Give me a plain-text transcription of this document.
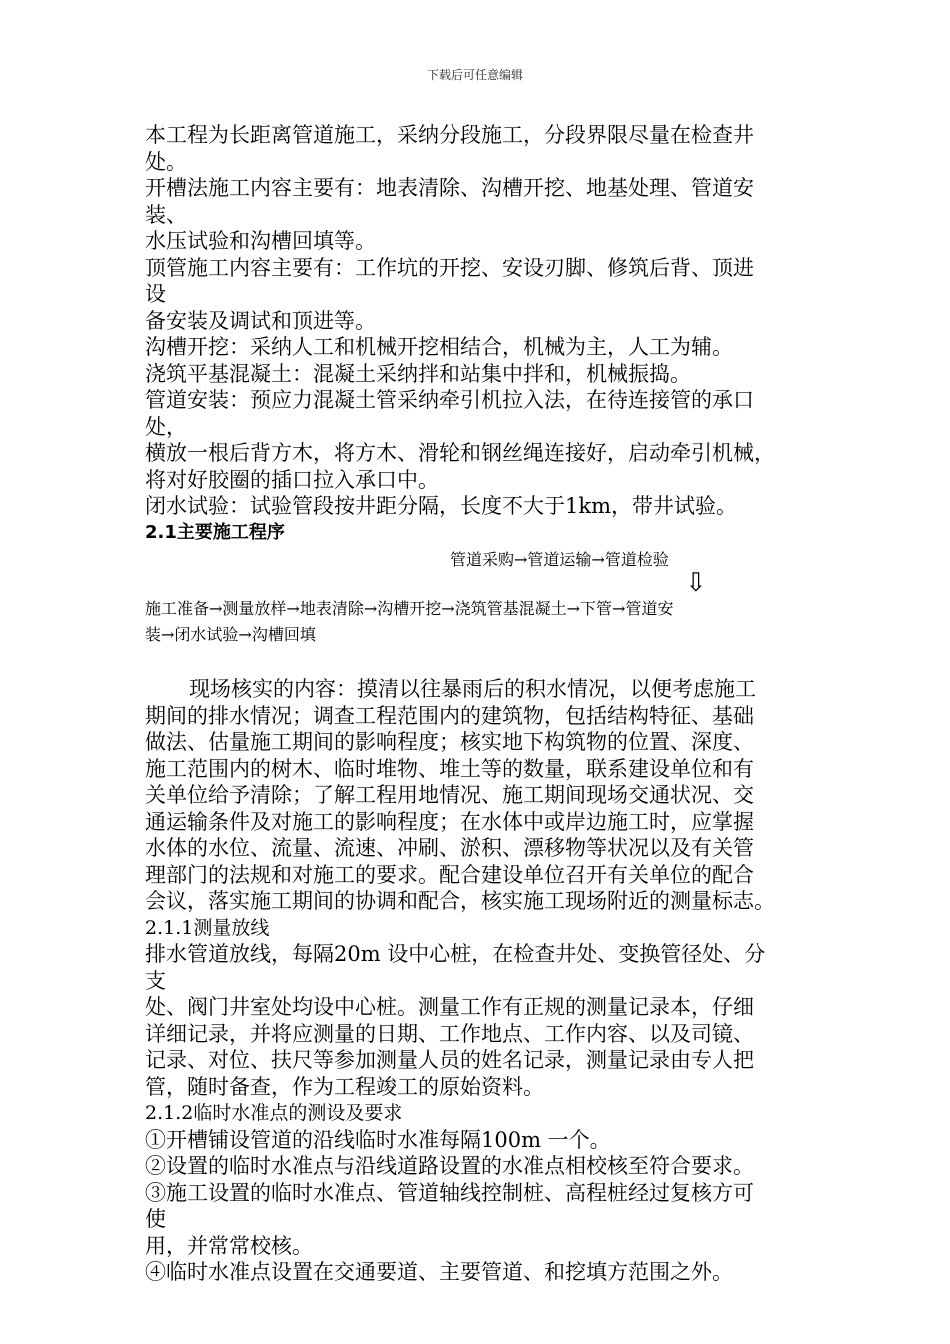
下载后可任意编辑
本工程为长距离管道施工，采纳分段施工，分段界限尽量在检查井
处。
开槽法施工内容主要有：地表清除、沟槽开挖、地基处理、管道安
装、
水压试验和沟槽回填等。
顶管施工内容主要有：工作坑的开挖、安设刃脚、修筑后背、顶进
设
备安装及调试和顶进等。
沟槽开挖：采纳人工和机械开挖相结合，机械为主，人工为辅。
浇筑平基混凝土：混凝土采纳拌和站集中拌和，机械振捣。
管道安装：预应力混凝土管采纳牵引机拉入法，在待连接管的承口
处，
横放一根后背方木，将方木、滑轮和钢丝绳连接好，启动牵引机械，
将对好胶圈的插口拉入承口中。
闭水试验：试验管段按井距分隔，长度不大于1km，带井试验。
2.1主要施工程序
管道采购→管道运输→管道检验
⇩
施工准备→测量放样→地表清除→沟槽开挖→浇筑管基混凝土→下管→管道安
装→闭水试验→沟槽回填
现场核实的内容：摸清以往暴雨后的积水情况，以便考虑施工
期间的排水情况；调查工程范围内的建筑物，包括结构特征、基础
做法、估量施工期间的影响程度；核实地下构筑物的位置、深度、
施工范围内的树木、临时堆物、堆土等的数量，联系建设单位和有
关单位给予清除；了解工程用地情况、施工期间现场交通状况、交
通运输条件及对施工的影响程度；在水体中或岸边施工时，应掌握
水体的水位、流量、流速、冲刷、淤积、漂移物等状况以及有关管
理部门的法规和对施工的要求。配合建设单位召开有关单位的配合
会议，落实施工期间的协调和配合，核实施工现场附近的测量标志。
2.1.1测量放线
排水管道放线，每隔20m 设中心桩，在检查井处、变换管径处、分
支
处、阀门井室处均设中心桩。测量工作有正规的测量记录本，仔细
详细记录，并将应测量的日期、工作地点、工作内容、以及司镜、
记录、对位、扶尺等参加测量人员的姓名记录，测量记录由专人把
管，随时备查，作为工程竣工的原始资料。
2.1.2临时水准点的测设及要求
①开槽铺设管道的沿线临时水准每隔100m 一个。
②设置的临时水准点与沿线道路设置的水准点相校核至符合要求。
③施工设置的临时水准点、管道轴线控制桩、高程桩经过复核方可
使
用，并常常校核。
④临时水准点设置在交通要道、主要管道、和挖填方范围之外。
